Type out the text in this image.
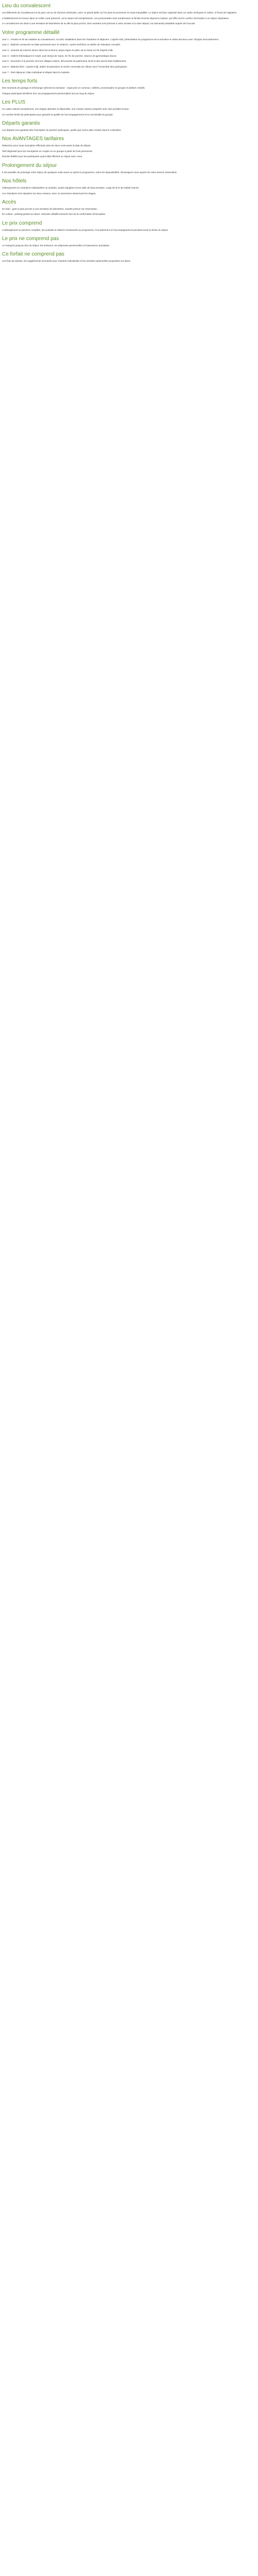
Lieu du convalescent

Les bâtiments du convalescent et du parc ont un air d'ancien séminaire, avec un grand jardin où l'on peut se promener en toute tranquillité. Le séjour est bien organisé dans un cadre verdoyant et calme, à l'écart de l'agitation.

L'établissement se trouve dans un milieu rural préservé, où la nature est omniprésente. Les promenades sont nombreuses et faciles d'accès depuis la maison, qui offre tout le confort nécessaire à un séjour réparateur.

Le convalescent est situé à une trentaine de kilomètres de la ville la plus proche. Des navettes sont prévues à votre arrivée et à votre départ, sur demande préalable auprès de l'accueil.

Votre programme détaillé

Jour 1 : Arrivée en fin de matinée au convalescent. Accueil, installation dans les chambres et déjeuner. L'après-midi, présentation du programme de la semaine et visite des lieux avec l'équipe d'encadrement.

Jour 2 : Matinée consacrée au bilan personnel avec le médecin. Après-midi libre ou atelier de relaxation encadré.

Jour 3 : Journée de marche douce dans les environs, pique-nique en plein air et retour en fin d'après-midi.

Jour 4 : Ateliers thématiques le matin, puis temps de repos. En fin de journée, séance de gymnastique douce.

Jour 5 : Excursion à la journée vers les villages voisins, découverte du patrimoine local et des savoir-faire traditionnels.

Jour 6 : Matinée libre. L'après-midi, atelier d'expression et soirée conviviale de clôture avec l'ensemble des participants.

Jour 7 : Petit déjeuner, bilan individuel et départ dans la matinée.

Les temps forts

Des moments de partage et d'échange rythment la semaine : repas pris en commun, veillées, promenades en groupe et ateliers créatifs.

Chaque participant bénéficie d'un accompagnement personnalisé tout au long du séjour.

Les PLUS

Un cadre naturel exceptionnel, une équipe attentive et disponible, une cuisine maison préparée avec des produits locaux.

Un nombre limité de participants pour garantir la qualité de l'accompagnement et la convivialité du groupe.

Départs garantis

Les départs sont garantis dès l'inscription du premier participant, quelle que soit la date choisie dans le calendrier.

Nos AVANTAGES tarifaires

Réduction pour toute inscription effectuée plus de deux mois avant la date de départ.

Tarif dégressif pour les inscriptions en couple ou en groupe à partir de trois personnes.

Remise fidélité pour les participants ayant déjà effectué un séjour avec nous.

Prolongement du séjour

Il est possible de prolonger votre séjour de quelques nuits avant ou après le programme, selon les disponibilités. Renseignez-vous auprès de notre service réservation.

Nos hôtels

Hébergement en chambres individuelles ou doubles, toutes équipées d'une salle de bain privative. Linge de lit et de toilette fournis.

Les chambres sont réparties sur deux niveaux, avec un ascenseur desservant les étages.

Accès

En train : gare la plus proche à une trentaine de kilomètres, navette prévue sur réservation.

En voiture : parking gratuit sur place. Itinéraire détaillé transmis lors de la confirmation d'inscription.

Le prix comprend

L'hébergement en pension complète, les activités et ateliers mentionnés au programme, l'encadrement et l'accompagnement pendant toute la durée du séjour.

Le prix ne comprend pas

Le transport jusqu'au lieu du séjour, les boissons, les dépenses personnelles et l'assurance annulation.

Ce forfait ne comprend pas

Les frais de dossier, les suppléments éventuels pour chambre individuelle et les activités optionnelles proposées sur place.
